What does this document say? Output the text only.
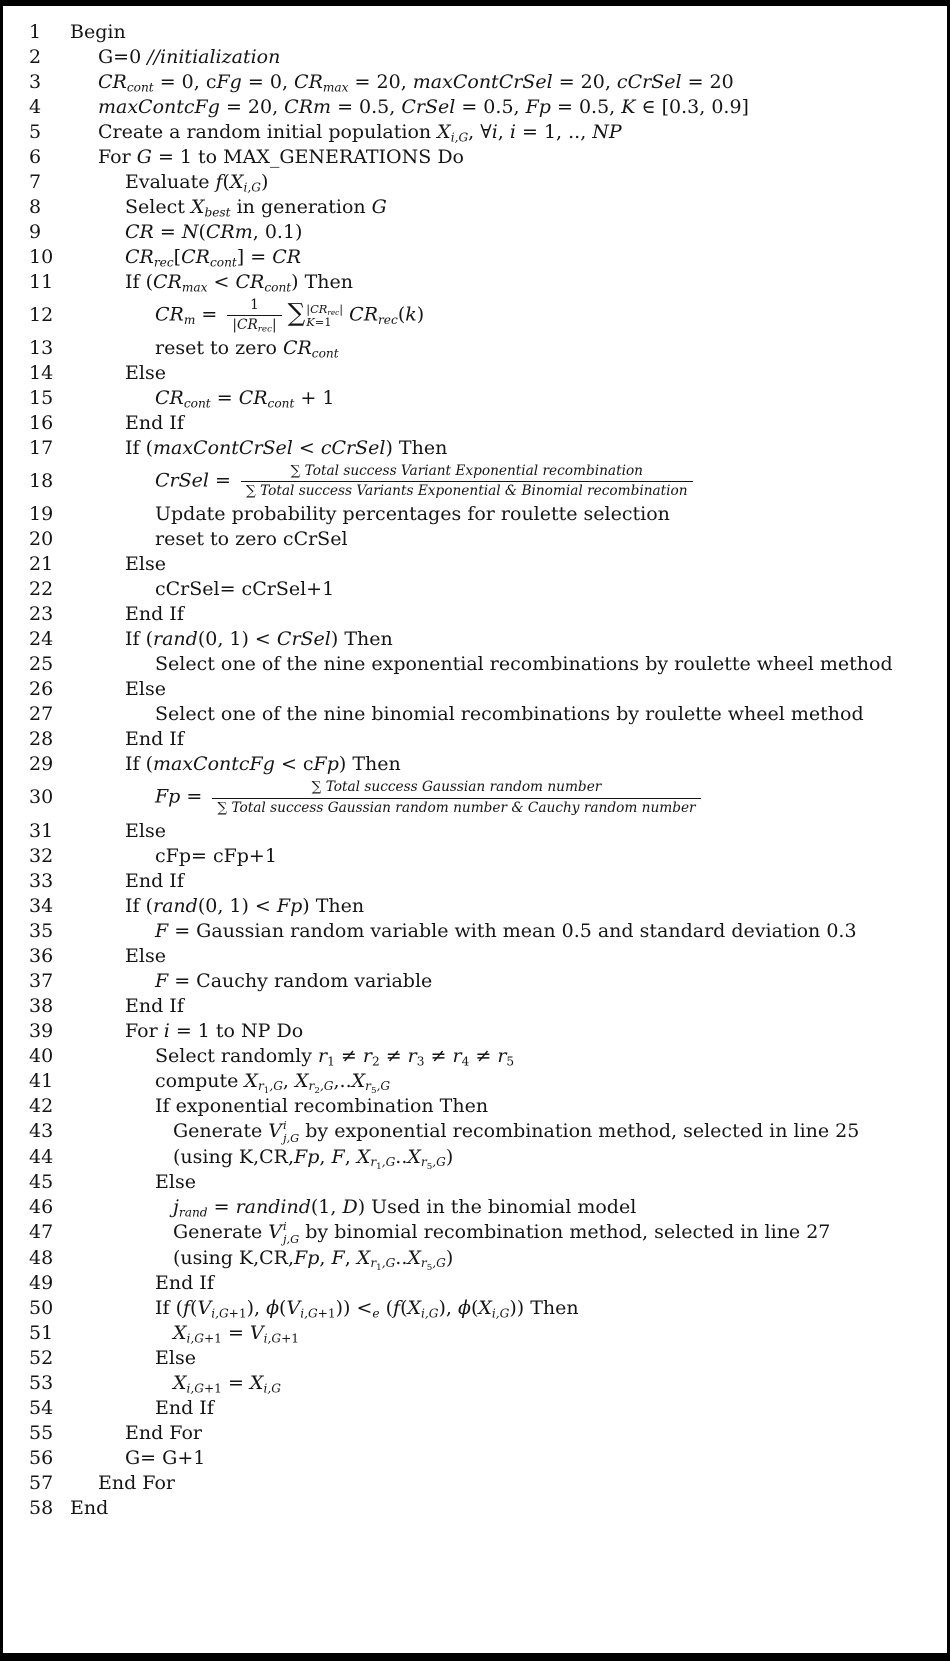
1	Begin
2	G=0 //initialization
3	$CR_{cont} = 0$, cFg = 0, $CR_{max} = 20$, maxContCrSel = 20, cCrSel = 20
4	maxContcFg = 20, CRm = 0.5, CrSel = 0.5, Fp = 0.5, K ∈ [0.3, 0.9]
5	Create a random initial population $X_{i,G}$, ∀i, i = 1, .., NP
6	For G = 1 to MAX_GENERATIONS Do
7	Evaluate $f(X_{i,G})$
8	Select $X_{best}$ in generation G
9	CR = N(CRm, 0.1)
10	$CR_{rec}[CR_{cont}]$ = CR
11	If $(CR_{max} < CR_{cont})$ Then
12	$CR_m = \frac{1}{|CR_{rec}|}$ ∑ $|CR_{rec}|$
K=1 $CR_{rec}(k)$
13	reset to zero $CR_{cont}$
14	Else
15	$CR_{cont} = CR_{cont} + 1$
16	End If
17	If (maxContCrSel < cCrSel) Then
18	CrSel =	∑ Total success Variant Exponential recombination
∑ Total success Variants Exponential & Binomial recombination
19	Update probability percentages for roulette selection
20	reset to zero cCrSel
21	Else
22	cCrSel= cCrSel+1
23	End If
24	If (rand(0, 1) < CrSel) Then
25	Select one of the nine exponential recombinations by roulette wheel method
26	Else
27	Select one of the nine binomial recombinations by roulette wheel method
28	End If
29	If (maxContcFg < cFp) Then
30	Fp =	∑ Total success Gaussian random number
∑ Total success Gaussian random number & Cauchy random number
31	Else
32	cFp= cFp+1
33	End If
34	If (rand(0, 1) < Fp) Then
35	F = Gaussian random variable with mean 0.5 and standard deviation 0.3
36	Else
37	F = Cauchy random variable
38	End If
39	For i = 1 to NP Do
40	Select randomly $r_1 \ne r_2 \ne r_3 \ne r_4 \ne r_5$
41	compute $X_{r_1,G}$, $X_{r_2,G},..X_{r_5,G}$
42	If exponential recombination Then
43	Generate V i
j,G by exponential recombination method, selected in line 25
44	(using K,CR,Fp, F, $X_{r_1,G}..X_{r_5,G}$)
45	Else
46	$j_{rand}$ = randind(1, D) Used in the binomial model
47	Generate V i
j,G by binomial recombination method, selected in line 27
48	(using K,CR,Fp, F, $X_{r_1,G}..X_{r_5,G}$)
49	End If
50	If ($f(V_{i,G+1})$, $\phi(V_{i,G+1})) <_e$ ($f(X_{i,G})$, $\phi(X_{i,G})$) Then
51	$X_{i,G+1} = V_{i,G+1}$
52	Else
53	$X_{i,G+1} = X_{i,G}$
54	End If
55	End For
56	G= G+1
57	End For
58 End
